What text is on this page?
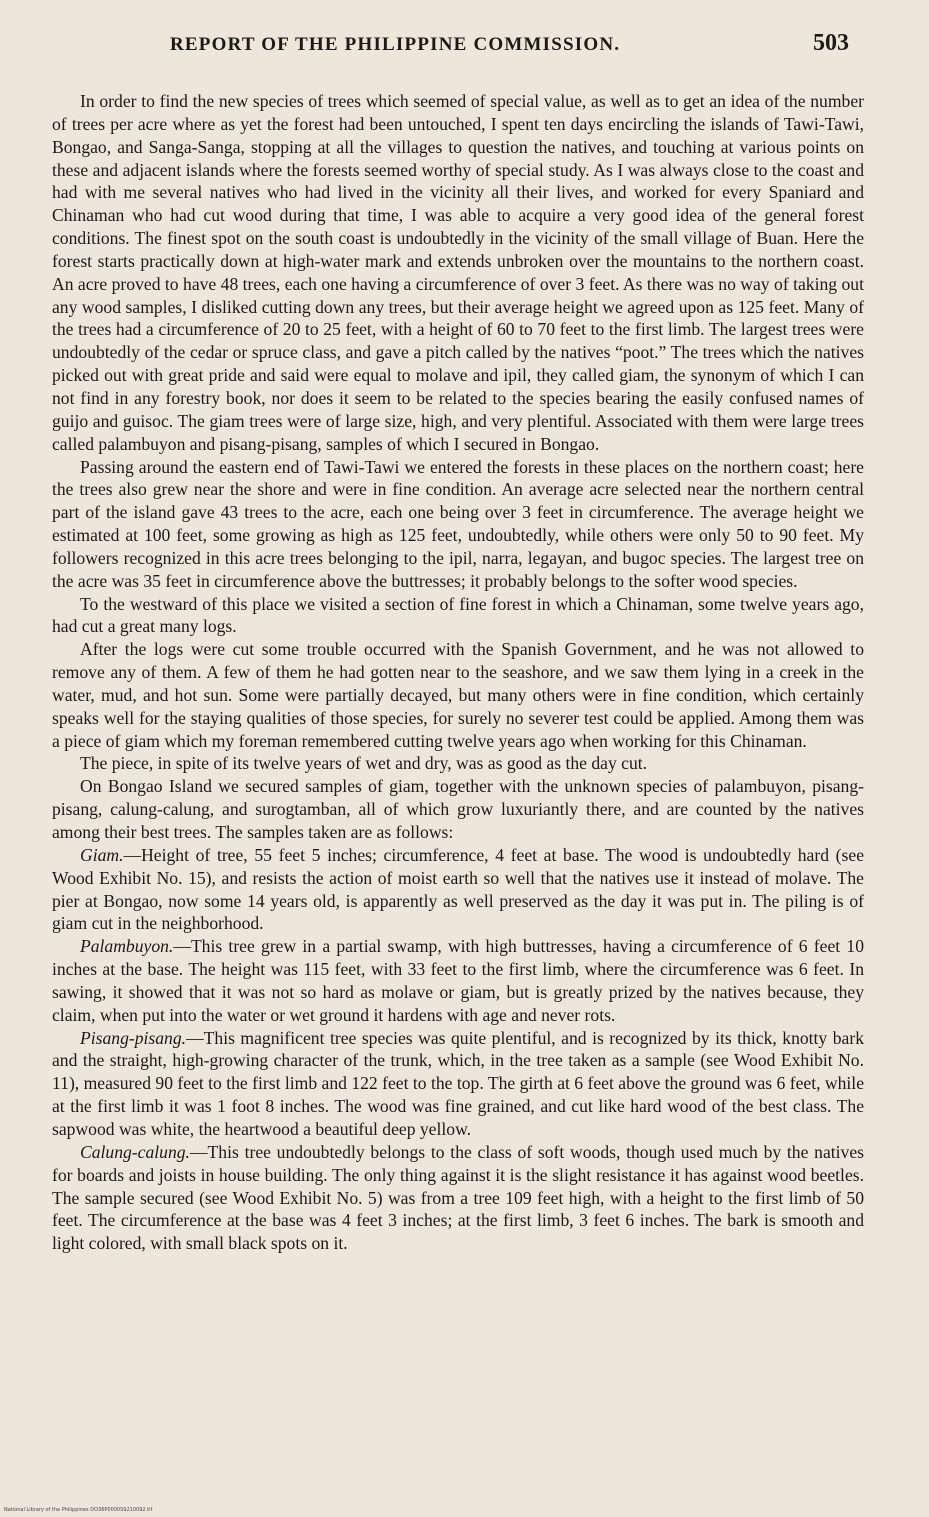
REPORT OF THE PHILIPPINE COMMISSION.	503

In order to find the new species of trees which seemed of special value, as well as to get an idea of the number of trees per acre where as yet the forest had been untouched, I spent ten days encircling the islands of Tawi-Tawi, Bongao, and Sanga-Sanga, stopping at all the villages to question the natives, and touching at various points on these and adjacent islands where the forests seemed worthy of special study. As I was always close to the coast and had with me several natives who had lived in the vicinity all their lives, and worked for every Spaniard and Chinaman who had cut wood during that time, I was able to acquire a very good idea of the general forest conditions. The finest spot on the south coast is undoubtedly in the vicinity of the small village of Buan. Here the forest starts practically down at high-water mark and extends unbroken over the mountains to the northern coast. An acre proved to have 48 trees, each one having a circumference of over 3 feet. As there was no way of taking out any wood samples, I disliked cutting down any trees, but their average height we agreed upon as 125 feet. Many of the trees had a circumference of 20 to 25 feet, with a height of 60 to 70 feet to the first limb. The largest trees were undoubtedly of the cedar or spruce class, and gave a pitch called by the natives “poot.” The trees which the natives picked out with great pride and said were equal to molave and ipil, they called giam, the synonym of which I can not find in any forestry book, nor does it seem to be related to the species bearing the easily confused names of guijo and guisoc. The giam trees were of large size, high, and very plentiful. Associated with them were large trees called palambuyon and pisang-pisang, samples of which I secured in Bongao.

Passing around the eastern end of Tawi-Tawi we entered the forests in these places on the northern coast; here the trees also grew near the shore and were in fine condition. An average acre selected near the northern central part of the island gave 43 trees to the acre, each one being over 3 feet in circumference. The average height we estimated at 100 feet, some growing as high as 125 feet, undoubtedly, while others were only 50 to 90 feet. My followers recognized in this acre trees belonging to the ipil, narra, legayan, and bugoc species. The largest tree on the acre was 35 feet in circumference above the buttresses; it probably belongs to the softer wood species.

To the westward of this place we visited a section of fine forest in which a Chinaman, some twelve years ago, had cut a great many logs.

After the logs were cut some trouble occurred with the Spanish Government, and he was not allowed to remove any of them. A few of them he had gotten near to the seashore, and we saw them lying in a creek in the water, mud, and hot sun. Some were partially decayed, but many others were in fine condition, which certainly speaks well for the staying qualities of those species, for surely no severer test could be applied. Among them was a piece of giam which my foreman remembered cutting twelve years ago when working for this Chinaman.

The piece, in spite of its twelve years of wet and dry, was as good as the day cut.

On Bongao Island we secured samples of giam, together with the unknown species of palambuyon, pisang-pisang, calung-calung, and surogtamban, all of which grow luxuriantly there, and are counted by the natives among their best trees. The samples taken are as follows:

Giam.—Height of tree, 55 feet 5 inches; circumference, 4 feet at base. The wood is undoubtedly hard (see Wood Exhibit No. 15), and resists the action of moist earth so well that the natives use it instead of molave. The pier at Bongao, now some 14 years old, is apparently as well preserved as the day it was put in. The piling is of giam cut in the neighborhood.

Palambuyon.—This tree grew in a partial swamp, with high buttresses, having a circumference of 6 feet 10 inches at the base. The height was 115 feet, with 33 feet to the first limb, where the circumference was 6 feet. In sawing, it showed that it was not so hard as molave or giam, but is greatly prized by the natives because, they claim, when put into the water or wet ground it hardens with age and never rots.

Pisang-pisang.—This magnificent tree species was quite plentiful, and is recognized by its thick, knotty bark and the straight, high-growing character of the trunk, which, in the tree taken as a sample (see Wood Exhibit No. 11), measured 90 feet to the first limb and 122 feet to the top. The girth at 6 feet above the ground was 6 feet, while at the first limb it was 1 foot 8 inches. The wood was fine grained, and cut like hard wood of the best class. The sapwood was white, the heartwood a beautiful deep yellow.

Calung-calung.—This tree undoubtedly belongs to the class of soft woods, though used much by the natives for boards and joists in house building. The only thing against it is the slight resistance it has against wood beetles. The sample secured (see Wood Exhibit No. 5) was from a tree 109 feet high, with a height to the first limb of 50 feet. The circumference at the base was 4 feet 3 inches; at the first limb, 3 feet 6 inches. The bark is smooth and light colored, with small black spots on it.

National Library of the Philippines DO36P0000S9210092.tif
